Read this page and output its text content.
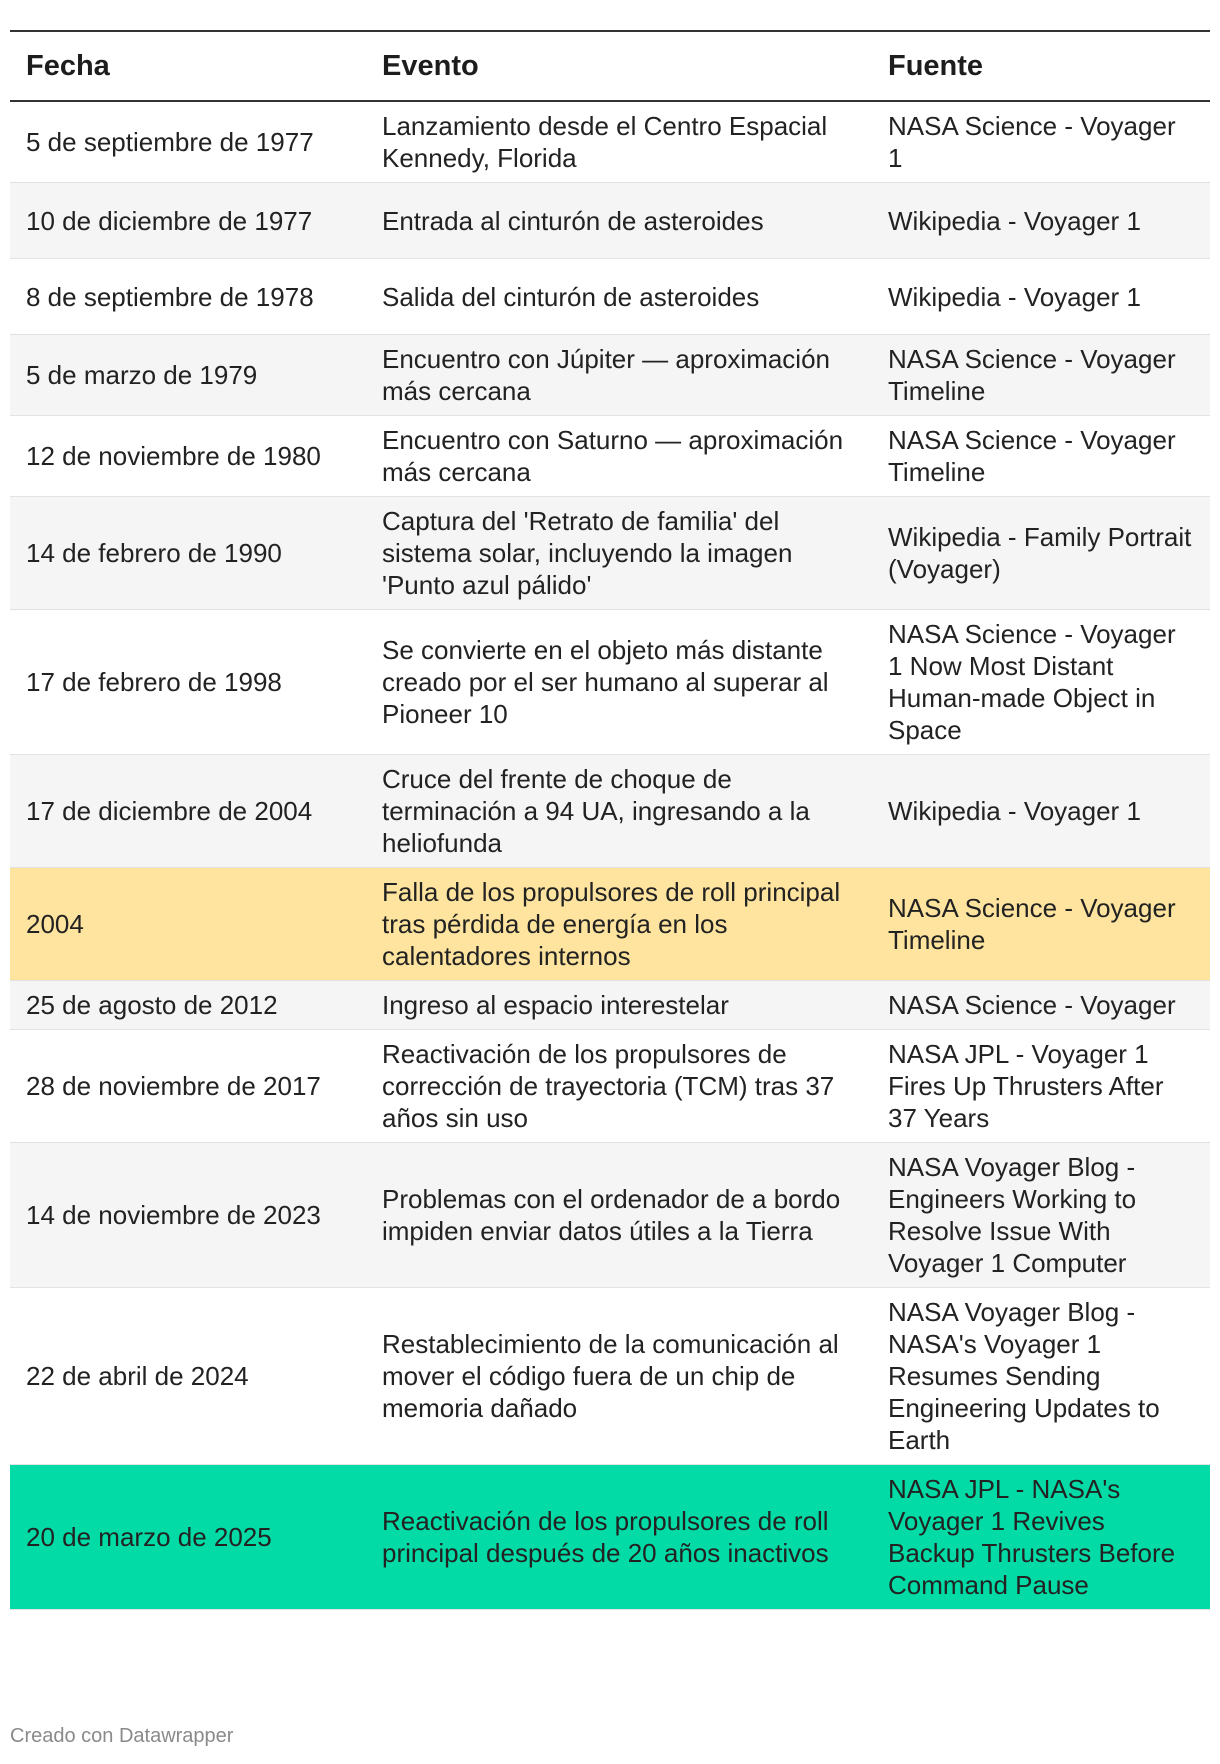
Fecha	Evento	Fuente
5 de septiembre de 1977	Lanzamiento desde el Centro Espacial Kennedy, Florida	NASA Science - Voyager 1
10 de diciembre de 1977	Entrada al cinturón de asteroides	Wikipedia - Voyager 1
8 de septiembre de 1978	Salida del cinturón de asteroides	Wikipedia - Voyager 1
5 de marzo de 1979	Encuentro con Júpiter — aproximación más cercana	NASA Science - Voyager Timeline
12 de noviembre de 1980	Encuentro con Saturno — aproximación más cercana	NASA Science - Voyager Timeline
14 de febrero de 1990	Captura del 'Retrato de familia' del sistema solar, incluyendo la imagen 'Punto azul pálido'	Wikipedia - Family Portrait (Voyager)
17 de febrero de 1998	Se convierte en el objeto más distante creado por el ser humano al superar al Pioneer 10	NASA Science - Voyager 1 Now Most Distant Human-made Object in Space
17 de diciembre de 2004	Cruce del frente de choque de terminación a 94 UA, ingresando a la heliofunda	Wikipedia - Voyager 1
2004	Falla de los propulsores de roll principal tras pérdida de energía en los calentadores internos	NASA Science - Voyager Timeline
25 de agosto de 2012	Ingreso al espacio interestelar	NASA Science - Voyager
28 de noviembre de 2017	Reactivación de los propulsores de corrección de trayectoria (TCM) tras 37 años sin uso	NASA JPL - Voyager 1 Fires Up Thrusters After 37 Years
14 de noviembre de 2023	Problemas con el ordenador de a bordo impiden enviar datos útiles a la Tierra	NASA Voyager Blog - Engineers Working to Resolve Issue With Voyager 1 Computer
22 de abril de 2024	Restablecimiento de la comunicación al mover el código fuera de un chip de memoria dañado	NASA Voyager Blog - NASA's Voyager 1 Resumes Sending Engineering Updates to Earth
20 de marzo de 2025	Reactivación de los propulsores de roll principal después de 20 años inactivos	NASA JPL - NASA's Voyager 1 Revives Backup Thrusters Before Command Pause
Creado con Datawrapper
